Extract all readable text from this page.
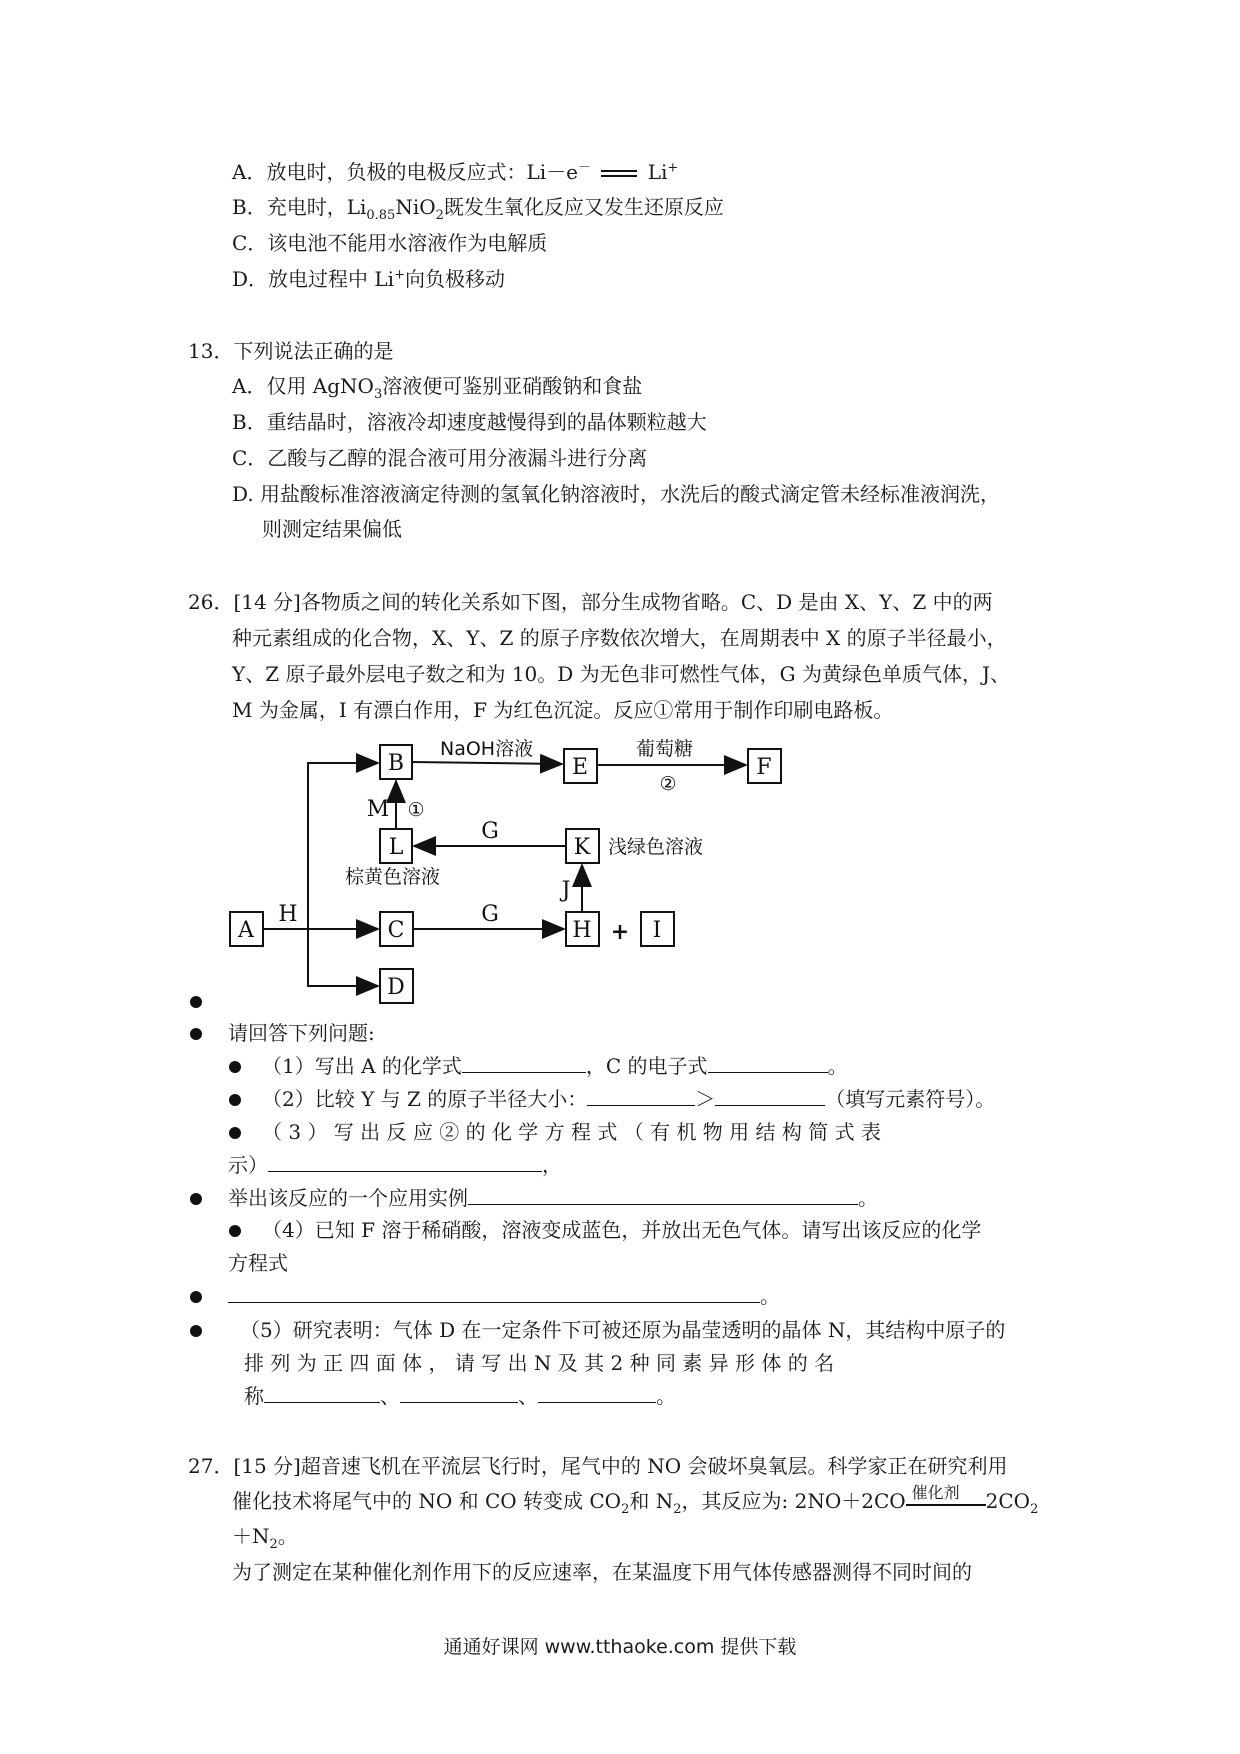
A．放电时，负极的电极反应式：Li－e－	Li+
B．充电时，$Li_{0.85}NiO_2$既发生氧化反应又发生还原反应
C．该电池不能用水溶液作为电解质
D．放电过程中 Li+向负极移动
13．下列说法正确的是
A．仅用 AgNO$_3$溶液便可鉴别亚硝酸钠和食盐
B．重结晶时，溶液冷却速度越慢得到的晶体颗粒越大
C．乙酸与乙醇的混合液可用分液漏斗进行分离
D. 用盐酸标准溶液滴定待测的氢氧化钠溶液时，水洗后的酸式滴定管未经标准液润洗，
则测定结果偏低
26．[14 分]各物质之间的转化关系如下图，部分生成物省略。C、D 是由 X、Y、Z 中的两
种元素组成的化合物，X、Y、Z 的原子序数依次增大，在周期表中 X 的原子半径最小，
Y、Z 原子最外层电子数之和为 10。D 为无色非可燃性气体，G 为黄绿色单质气体，J、
M 为金属，I 有漂白作用，F 为红色沉淀。反应①常用于制作印刷电路板。
B	E	F
L	K
A	C	H	I
D
NaOH溶液	葡萄糖
②
M ①
G
G
H
J
+
浅绿色溶液
棕黄色溶液
请回答下列问题:
（1）写出 A 的化学式	，C 的电子式	。
（2）比较 Y 与 Z 的原子半径大小：	＞	（填写元素符号）。
（ 3 ） 写 出 反 应 ② 的 化 学 方 程 式 （ 有 机 物 用 结 构 简 式 表
示）	，
举出该反应的一个应用实例	。
（4）已知 F 溶于稀硝酸，溶液变成蓝色，并放出无色气体。请写出该反应的化学
方程式
。
（5）研究表明：气体 D 在一定条件下可被还原为晶莹透明的晶体 N，其结构中原子的
排 列 为 正 四 面 体 ， 请 写 出 N 及 其 2 种 同 素 异 形 体 的 名
称	、	、	。
27．[15 分]超音速飞机在平流层飞行时，尾气中的 NO 会破坏臭氧层。科学家正在研究利用
催化技术将尾气中的 NO 和 CO 转变成 $CO_2$和 $N_2$，其反应为: 2NO＋2CO 催化剂 $2CO_2$
$+N_2$。
为了测定在某种催化剂作用下的反应速率，在某温度下用气体传感器测得不同时间的
通通好课网 www.tthaoke.com 提供下载
